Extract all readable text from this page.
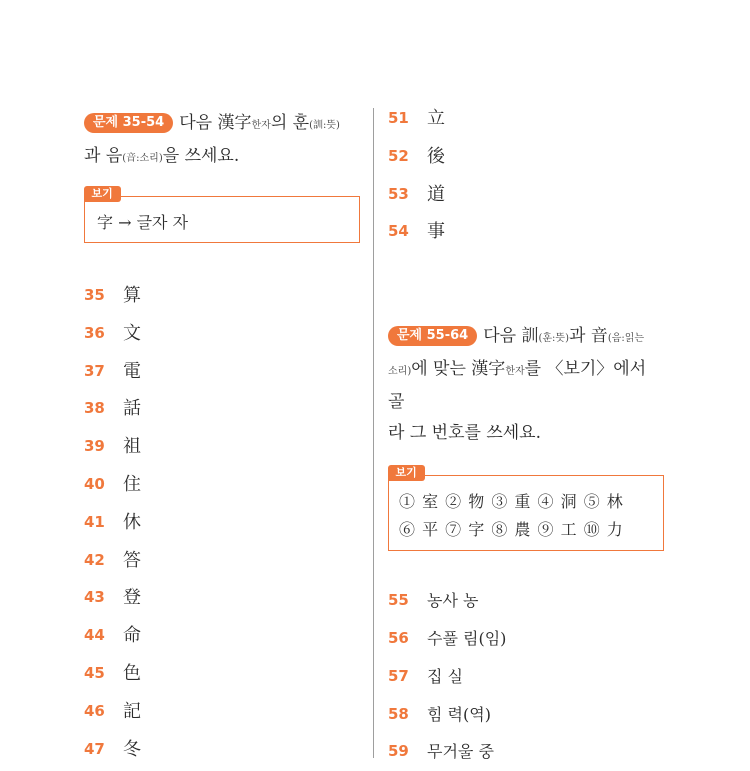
문제 35-54 다음 漢字한자의 훈(訓:뜻)
과 음(音:소리)을 쓰세요.
보기
字 → 글자 자
35	算
36	文
37	電
38	話
39	祖
40	住
41	休
42	答
43	登
44	命
45	色
46	記
47	冬
51	立
52	後
53	道
54	事
문제 55-64 다음 訓(훈:뜻)과 音(음:읽는
소리)에 맞는 漢字한자를 〈보기〉에서 골
라 그 번호를 쓰세요.
보기
① 室 ② 物 ③ 重 ④ 洞 ⑤ 林
⑥ 平 ⑦ 字 ⑧ 農 ⑨ 工 ⑩ 力
55	농사 농
56	수풀 림(임)
57	집 실
58	힘 력(역)
59	무거울 중
